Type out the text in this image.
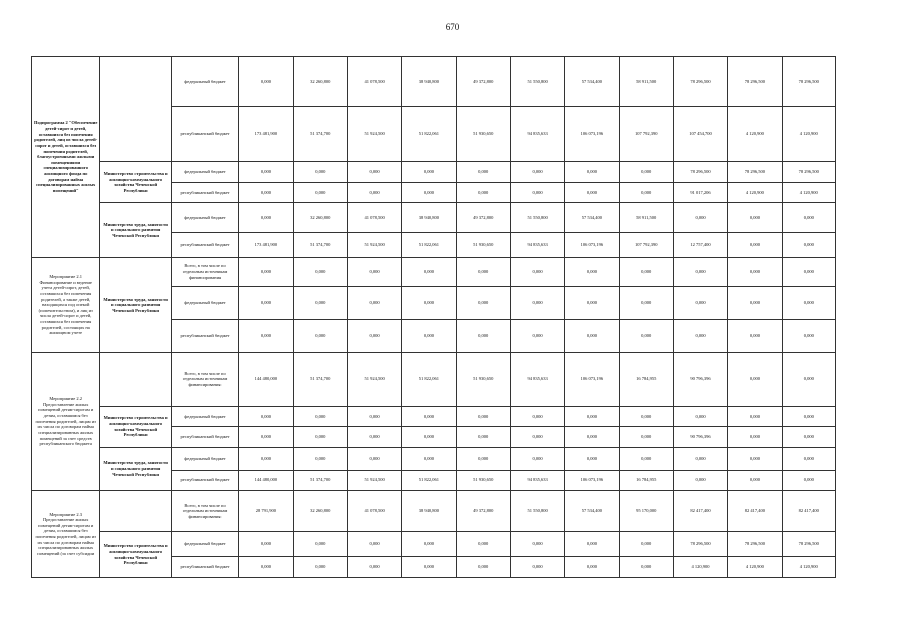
670
Подпрограмма 2 "Обеспечение детей-сирот и детей, оставшихся без попечения родителей, лиц из числа детей-сирот и детей, оставшихся без попечения родителей, благоустроенными жилыми помещениями специализированного жилищного фонда по договорам найма специализированных жилых помещений"		федеральный бюджет	0,000	32 260,800	41 078,500	38 940,800	49 372,800	51 550,800	57 534,400	58 911,500	78 296,500	78 296,500	78 296,500
		республиканский бюджет	173 481,900	51 374,700	51 924,500	51 822,061	51 930,650	94 835,633	106 073,196	107 792,390	107 454,700	4 120,900	4 120,900
	Министерство строительства и жилищно-коммунального хозяйства Чеченской Республики	федеральный бюджет	0,000	0,000	0,000	0,000	0,000	0,000	0,000	0,000	78 296,500	78 296,500	78 296,500
		республиканский бюджет	0,000	0,000	0,000	0,000	0,000	0,000	0,000	0,000	91 017,206	4 120,900	4 120,900
	Министерство труда, занятости и социального развития Чеченской Республики	федеральный бюджет	0,000	32 260,800	41 078,500	38 940,800	49 372,800	51 550,800	57 534,400	58 911,500	0,000	0,000	0,000
		республиканский бюджет	173 481,900	51 374,700	51 924,500	51 822,061	51 930,650	94 835,633	106 073,196	107 792,390	12 757,400	0,000	0,000
Мероприятие 2.1 Финансирование и ведение учета детей-сирот, детей, оставшихся без попечения родителей, а также детей, находящихся под опекой (попечительством), и лиц из числа детей-сирот и детей, оставшихся без попечения родителей, состоящих на жилищном учете	Министерство труда, занятости и социального развития Чеченской Республики	Всего, в том числе по отдельным источникам финансирования	0,000	0,000	0,000	0,000	0,000	0,000	0,000	0,000	0,000	0,000	0,000
		федеральный бюджет	0,000	0,000	0,000	0,000	0,000	0,000	0,000	0,000	0,000	0,000	0,000
		республиканский бюджет	0,000	0,000	0,000	0,000	0,000	0,000	0,000	0,000	0,000	0,000	0,000
Мероприятие 2.2 Предоставление жилых помещений детям-сиротам и детям, оставшимся без попечения родителей, лицам из их числа по договорам найма специализированных жилых помещений за счет средств республиканского бюджета		Всего, в том числе по отдельным источникам финансирования:	144 480,000	51 374,700	51 924,500	51 822,061	51 930,650	94 835,633	106 073,196	16 784,955	90 796,396	0,000	0,000
	Министерство строительства и жилищно-коммунального хозяйства Чеченской Республики	федеральный бюджет	0,000	0,000	0,000	0,000	0,000	0,000	0,000	0,000	0,000	0,000	0,000
		республиканский бюджет	0,000	0,000	0,000	0,000	0,000	0,000	0,000	0,000	90 796,396	0,000	0,000
	Министерство труда, занятости и социального развития Чеченской Республики	федеральный бюджет	0,000	0,000	0,000	0,000	0,000	0,000	0,000	0,000	0,000	0,000	0,000
		республиканский бюджет	144 480,000	51 374,700	51 924,500	51 822,061	51 930,650	94 835,633	106 073,196	16 784,955	0,000	0,000	0,000
Мероприятие 2.3 Предоставление жилых помещений детям-сиротам и детям, оставшимся без попечения родителей, лицам из их числа по договорам найма специализированных жилых помещений (за счет субсидии		Всего, в том числе по отдельным источникам финансирования:	28 791,900	32 260,800	41 078,500	38 940,800	49 372,800	51 550,800	57 534,400	95 170,000	82 417,400	82 417,400	82 417,400
	Министерство строительства и жилищно-коммунального хозяйства Чеченской Республики	федеральный бюджет	0,000	0,000	0,000	0,000	0,000	0,000	0,000	0,000	78 296,500	78 296,500	78 296,500
		республиканский бюджет	0,000	0,000	0,000	0,000	0,000	0,000	0,000	0,000	4 120,900	4 120,900	4 120,900
